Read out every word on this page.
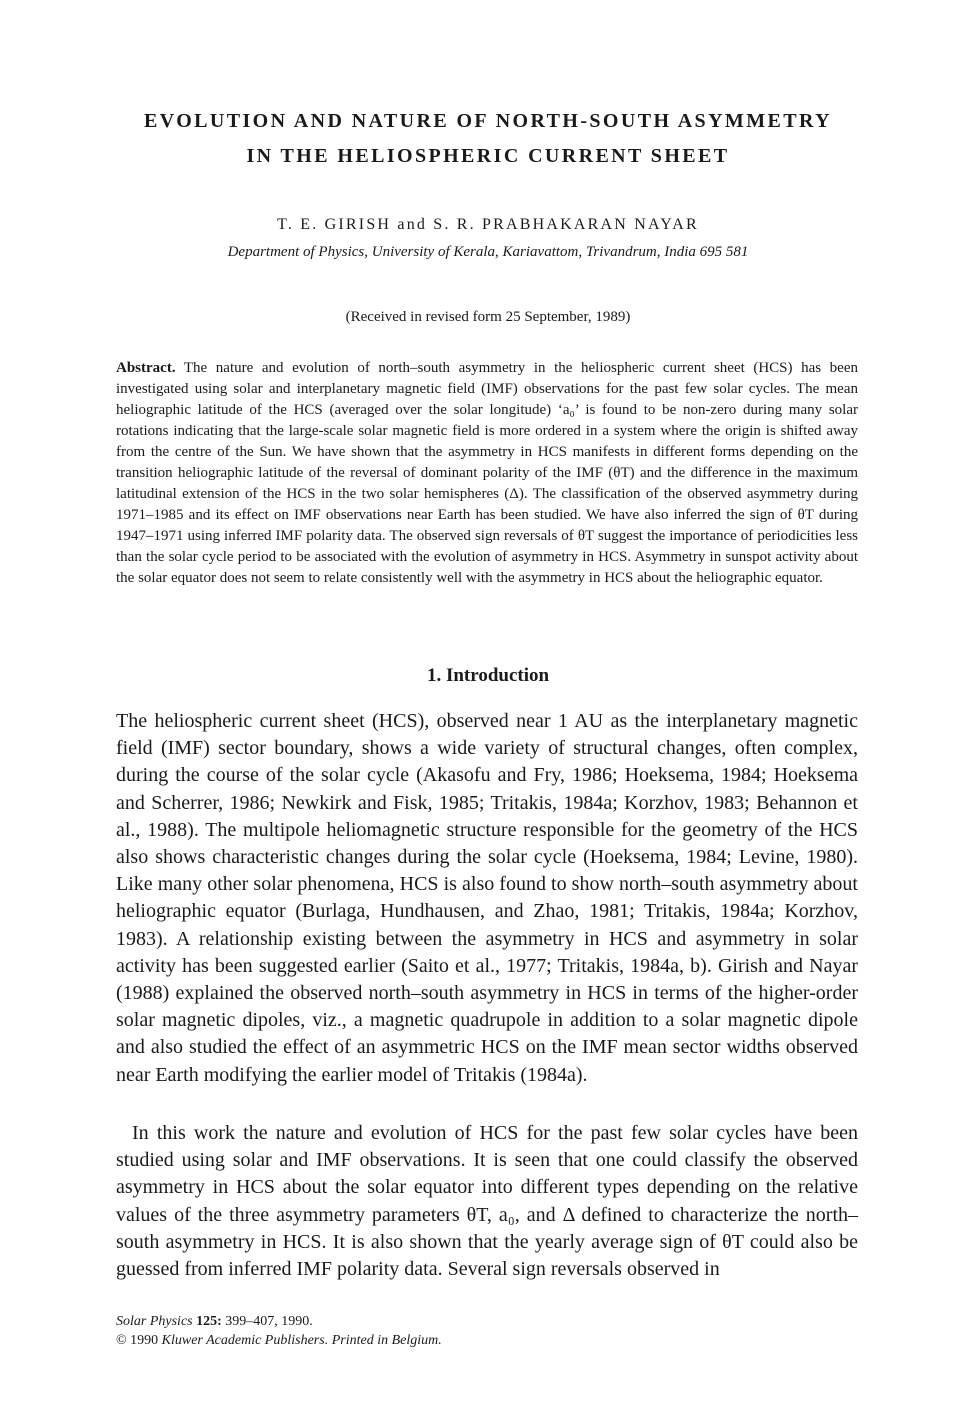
EVOLUTION AND NATURE OF NORTH-SOUTH ASYMMETRY
IN THE HELIOSPHERIC CURRENT SHEET
T. E. GIRISH and S. R. PRABHAKARAN NAYAR
Department of Physics, University of Kerala, Kariavattom, Trivandrum, India 695 581
(Received in revised form 25 September, 1989)

Abstract. The nature and evolution of north–south asymmetry in the heliospheric current sheet (HCS) has been investigated using solar and interplanetary magnetic field (IMF) observations for the past few solar cycles. The mean heliographic latitude of the HCS (averaged over the solar longitude) ‘a₀’ is found to be non-zero during many solar rotations indicating that the large-scale solar magnetic field is more ordered in a system where the origin is shifted away from the centre of the Sun. We have shown that the asymmetry in HCS manifests in different forms depending on the transition heliographic latitude of the reversal of dominant polarity of the IMF (θT) and the difference in the maximum latitudinal extension of the HCS in the two solar hemispheres (Δ). The classification of the observed asymmetry during 1971–1985 and its effect on IMF observations near Earth has been studied. We have also inferred the sign of θT during 1947–1971 using inferred IMF polarity data. The observed sign reversals of θT suggest the importance of periodicities less than the solar cycle period to be associated with the evolution of asymmetry in HCS. Asymmetry in sunspot activity about the solar equator does not seem to relate consistently well with the asymmetry in HCS about the heliographic equator.

1. Introduction

The heliospheric current sheet (HCS), observed near 1 AU as the interplanetary magnetic field (IMF) sector boundary, shows a wide variety of structural changes, often complex, during the course of the solar cycle (Akasofu and Fry, 1986; Hoeksema, 1984; Hoeksema and Scherrer, 1986; Newkirk and Fisk, 1985; Tritakis, 1984a; Korzhov, 1983; Behannon et al., 1988). The multipole heliomagnetic structure responsible for the geometry of the HCS also shows characteristic changes during the solar cycle (Hoeksema, 1984; Levine, 1980). Like many other solar phenomena, HCS is also found to show north–south asymmetry about heliographic equator (Burlaga, Hundhausen, and Zhao, 1981; Tritakis, 1984a; Korzhov, 1983). A relationship existing between the asymmetry in HCS and asymmetry in solar activity has been suggested earlier (Saito et al., 1977; Tritakis, 1984a, b). Girish and Nayar (1988) explained the observed north–south asymmetry in HCS in terms of the higher-order solar magnetic dipoles, viz., a magnetic quadrupole in addition to a solar magnetic dipole and also studied the effect of an asymmetric HCS on the IMF mean sector widths observed near Earth modifying the earlier model of Tritakis (1984a).

In this work the nature and evolution of HCS for the past few solar cycles have been studied using solar and IMF observations. It is seen that one could classify the observed asymmetry in HCS about the solar equator into different types depending on the relative values of the three asymmetry parameters θT, a₀, and Δ defined to characterize the north–south asymmetry in HCS. It is also shown that the yearly average sign of θT could also be guessed from inferred IMF polarity data. Several sign reversals observed in

Solar Physics 125: 399–407, 1990.
© 1990 Kluwer Academic Publishers. Printed in Belgium.
